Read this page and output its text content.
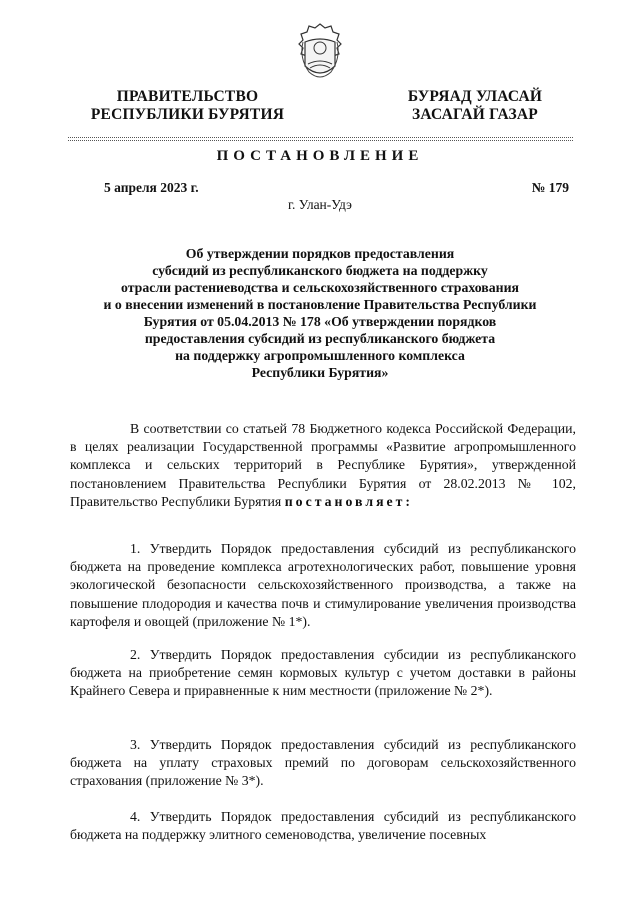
ПРАВИТЕЛЬСТВО
РЕСПУБЛИКИ БУРЯТИЯ
БУРЯАД УЛАСАЙ
ЗАСАГАЙ ГАЗАР
ПОСТАНОВЛЕНИЕ
5 апреля 2023 г.	№ 179
г. Улан-Удэ
Об утверждении порядков предоставления
субсидий из республиканского бюджета на поддержку
отрасли растениеводства и сельскохозяйственного страхования
и о внесении изменений в постановление Правительства Республики
Бурятия от 05.04.2013 № 178 «Об утверждении порядков
предоставления субсидий из республиканского бюджета
на поддержку агропромышленного комплекса
Республики Бурятия»

В соответствии со статьей 78 Бюджетного кодекса Российской Федерации, в целях реализации Государственной программы «Развитие агропромышленного комплекса и сельских территорий в Республике Бурятия», утвержденной постановлением Правительства Республики Бурятия от 28.02.2013 № 102, Правительство Республики Бурятия постановляет:

1. Утвердить Порядок предоставления субсидий из республиканского бюджета на проведение комплекса агротехнологических работ, повышение уровня экологической безопасности сельскохозяйственного производства, а также на повышение плодородия и качества почв и стимулирование увеличения производства картофеля и овощей (приложение № 1*).

2. Утвердить Порядок предоставления субсидии из республиканского бюджета на приобретение семян кормовых культур с учетом доставки в районы Крайнего Севера и приравненные к ним местности (приложение № 2*).

3. Утвердить Порядок предоставления субсидий из республиканского бюджета на уплату страховых премий по договорам сельскохозяйственного страхования (приложение № 3*).

4. Утвердить Порядок предоставления субсидий из республиканского бюджета на поддержку элитного семеноводства, увеличение посевных
